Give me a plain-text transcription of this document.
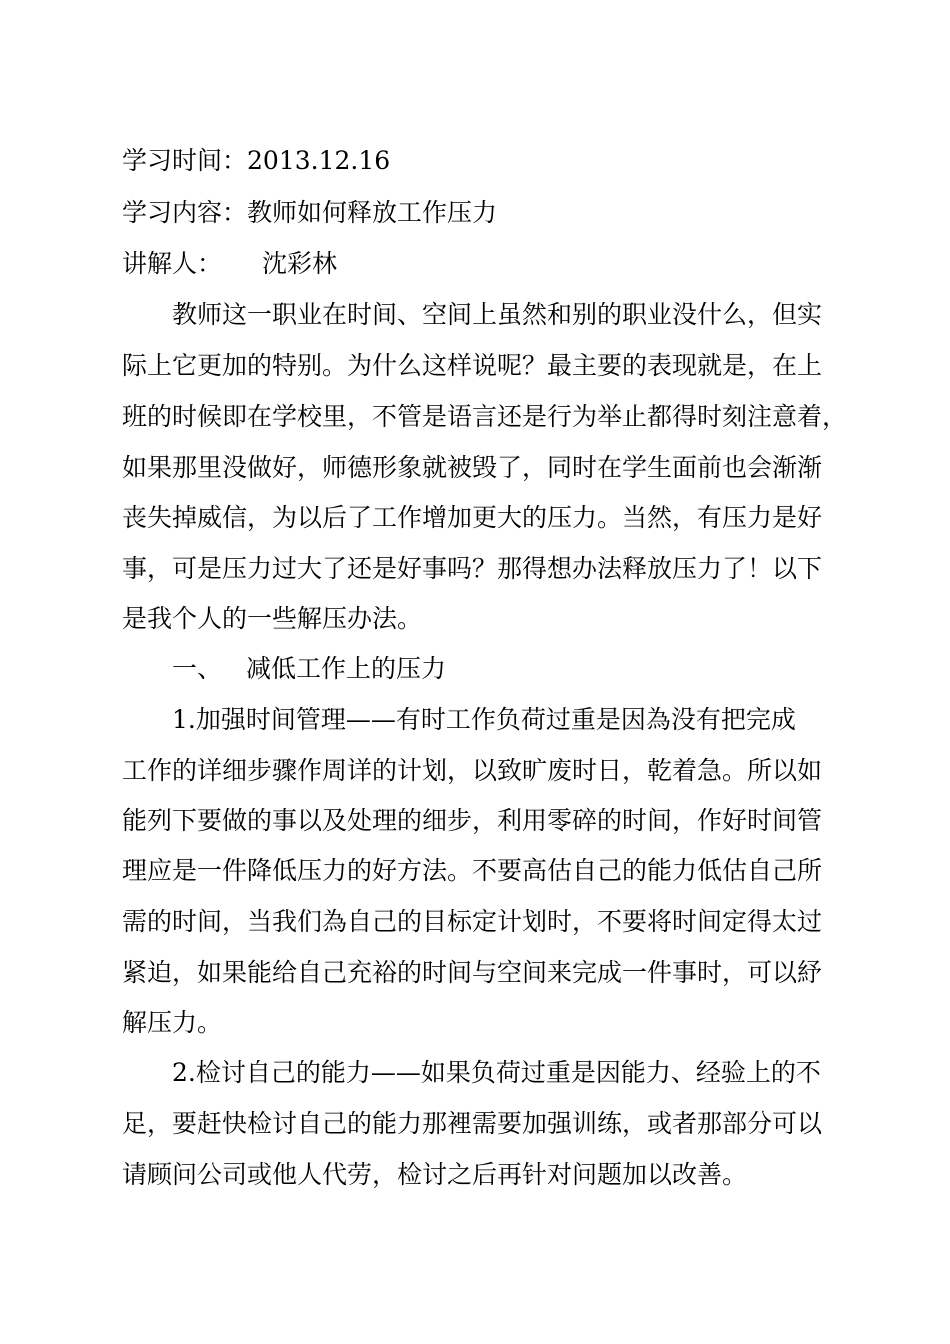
学习时间：2013.12.16
学习内容：教师如何释放工作压力
讲解人： 沈彩林
教师这一职业在时间、空间上虽然和别的职业没什么，但实
际上它更加的特别。为什么这样说呢？最主要的表现就是，在上
班的时候即在学校里，不管是语言还是行为举止都得时刻注意着，
如果那里没做好，师德形象就被毁了，同时在学生面前也会渐渐
丧失掉威信，为以后了工作增加更大的压力。当然，有压力是好
事，可是压力过大了还是好事吗？那得想办法释放压力了！以下
是我个人的一些解压办法。
一、 减低工作上的压力
1.加强时间管理——有时工作负荷过重是因為没有把完成
工作的详细步骤作周详的计划，以致旷废时日，乾着急。所以如
能列下要做的事以及处理的细步，利用零碎的时间，作好时间管
理应是一件降低压力的好方法。不要高估自己的能力低估自己所
需的时间，当我们為自己的目标定计划时，不要将时间定得太过
紧迫，如果能给自己充裕的时间与空间来完成一件事时，可以紓
解压力。
2.检讨自己的能力——如果负荷过重是因能力、经验上的不
足，要赶快检讨自己的能力那裡需要加强训练，或者那部分可以
请顾问公司或他人代劳，检讨之后再针对问题加以改善。
